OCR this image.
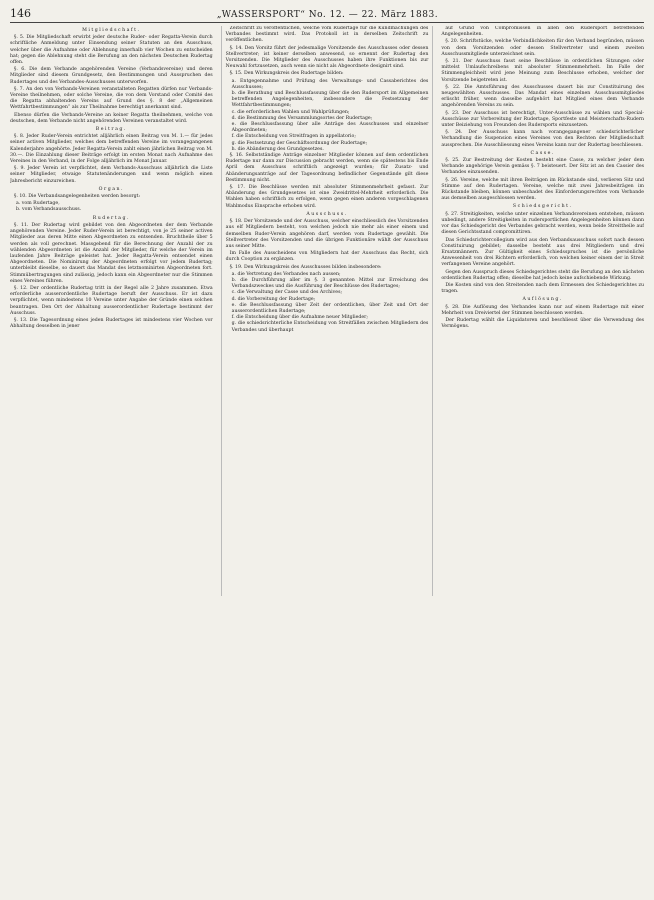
146	„WASSERSPORT“ No. 12. — 22. März 1883.

Mitgliedschaft.

§. 5. Die Mitgliedschaft erwirbt jeder deutsche Ruder- oder Regatta-Verein durch schriftliche Anmeldung unter Einsendung seiner Statuten an den Ausschuss, welcher über die Aufnahme oder Ablehnung innerhalb vier Wochen zu entscheiden hat; gegen die Ablehnung steht die Berufung an den nächsten Deutschen Rudertag offen.

§. 6. Die dem Verbande angehörenden Vereine (Verbandsvereine) und deren Mitglieder sind diesem Grundgesetz, den Bestimmungen und Ausspruchen des Rudertages und des Verbandes-Ausschusses unterworfen.

§. 7. An den von Verbands-Vereinen veranstalteten Regatten dürfen nur Verbands-Vereine theilnehmen, oder solche Vereine, die von dem Vorstand oder Comité des die Regatta abhaltenden Vereins auf Grund des §. 8 der „Allgemeinen Wettfahrtbestimmungen“ als zur Theilnahme berechtigt anerkannt sind.

Ebenso dürfen die Verbands-Vereine an keiner Regatta theilnehmen, welche von deutschen, dem Verbande nicht angehörenden Vereinen veranstaltet wird.

Beitrag.

§. 8. Jeder Ruder-Verein entrichtet alljährlich einen Beitrag von M. 1.— für jedes seiner activen Mitglieder, welches dem betreffenden Vereine im vorangegangenen Kalenderjahre angehörte. Jeder Regatta-Verein zahlt einen jährlichen Beitrag von M. 30.—. Die Einzahlung dieser Beiträge erfolgt im ersten Monat nach Aufnahme des Vereines in den Verband, in der Folge alljährlich im Monat Januar.

§. 9. Jeder Verein ist verpflichtet, dem Verbands-Ausschuss alljährlich die Liste seiner Mitglieder, etwaige Statutenänderungen und wenn möglich einen Jahresbericht einzureichen.

Organ.

§. 10. Die Verbandsangelegenheiten werden besorgt:

a. vom Rudertage,

b. vom Verbandsausschuss.

Rudertag.

§. 11. Der Rudertag wird gebildet von den Abgeordneten der dem Verbande angehörenden Vereine. Jeder Ruder-Verein ist berechtigt, von je 25 seiner activen Mitglieder aus deren Mitte einen Abgeordneten zu entsenden. Bruchtheile über 5 werden als voll gerechnet. Massgebend für die Berechnung der Anzahl der zu wählenden Abgeordneten ist die Anzahl der Mitglieder, für welche der Verein im laufenden Jahre Beiträge geleistet hat. Jeder Regatta-Verein entsendet einen Abgeordneten. Die Nominirung der Abgeordneten erfolgt vor jedem Rudertag; unterbleibt dieselbe, so dauert das Mandat des letztnominirten Abgeordneten fort. Stimmübertragungen sind zulässig, jedoch kann ein Abgeordneter nur die Stimmen eines Vereines führen.

§. 12. Der ordentliche Rudertag tritt in der Regel alle 2 Jahre zusammen. Etwa erforderliche ausserordentliche Rudertage beruft der Ausschuss. Er ist dazu verpflichtet, wenn mindestens 10 Vereine unter Angabe der Gründe einen solchen beantragen. Den Ort der Abhaltung ausserordentlicher Rudertage bestimmt der Ausschuss.

§. 13. Die Tagesordnung eines jeden Rudertages ist mindestens vier Wochen vor Abhaltung desselben in jener

Zeitschrift zu veröffentlichen, welche vom Rudertage für die Kundmachungen des Verbandes bestimmt wird. Das Protokoll ist in derselben Zeitschrift zu veröffentlichen.

§. 14. Den Vorsitz führt der jedesmalige Vorsitzende des Ausschusses oder dessen Stellvertreter; ist keiner derselben anwesend, so ernennt der Rudertag den Vorsitzenden. Die Mitglieder des Ausschusses haben ihre Funktionen bis zur Neuwahl fortzusetzen, auch wenn sie nicht als Abgeordnete designirt sind.

§. 15. Den Wirkungskreis des Rudertage bilden:

a. Entgegennahme und Prüfung des Verwaltungs- und Cassaberichtes des Ausschusses;

b. die Berathung und Beschlussfassung über die den Rudersport im Allgemeinen betreffenden Angelegenheiten, insbesondere die Festsetzung der Wettfahrtbestimmungen;

c. die erforderlichen Wahlen und Wahlprüfungen;

d. die Bestimmung des Versammlungsortes der Rudertage;

e. die Beschlussfassung über alle Anträge des Ausschusses und einzelner Abgeordneten;

f. die Entscheidung von Streitfragen in appellatorio;

g. die Festsetzung der Geschäftsordnung der Rudertage;

h. die Abänderung des Grundgesetzes.

§. 16. Selbstständige Anträge einzelner Mitglieder können auf dem ordentlichen Rudertage nur dann zur Discussion gebracht werden, wenn sie spätestens bis Ende April dem Ausschuss schriftlich angezeigt wurden; für Zusatz- und Abänderungsanträge auf der Tagesordnung befindlicher Gegenstände gilt diese Bestimmung nicht.

§. 17. Die Beschlüsse werden mit absoluter Stimmenmehrheit gefasst. Zur Abänderung des Grundgesetzes ist eine Zweidrittel-Mehrheit erforderlich. Die Wahlen haben schriftlich zu erfolgen, wenn gegen einen anderen vorgeschlagenen Wahlmodus Einsprache erhoben wird.

Ausschuss.

§. 18. Der Vorsitzende und der Ausschuss, welcher einschliesslich des Vorsitzenden aus elf Mitgliedern besteht, von welchen jedoch nie mehr als einer einem und demselben Ruder-Verein angehören darf, werden vom Rudertage gewählt. Die Stellvertreter des Vorsitzenden und die übrigen Funktionäre wählt der Ausschuss aus seiner Mitte.

Im Falle des Ausscheidens von Mitgliedern hat der Ausschuss das Recht, sich durch Cooption zu ergänzen.

§. 19. Den Wirkungskreis des Ausschusses bilden insbesondere:

a. die Vertretung des Verbandes nach aussen;

b. die Durchführung aller im §. 3 genannten Mittel zur Erreichung des Verbandszweckes und die Ausführung der Beschlüsse des Rudertages;

c. die Verwaltung der Casse und des Archives;

d. die Vorbereitung der Rudertage;

e. die Beschlussfassung über Zeit der ordentlichen, über Zeit und Ort der ausserordentlichen Rudertage;

f. die Entscheidung über die Aufnahme neuer Mitglieder;

g. die schiedsrichterliche Entscheidung von Streitfällen zwischen Mitgliedern des Verbandes und überhaupt

auf Grund von Compromissen in allen den Rudersport betreffenden Angelegenheiten.

§. 20. Schriftstücke, welche Verbindlichkeiten für den Verband begründen, müssen von dem Vorsitzenden oder dessen Stellvertreter und einem zweiten Ausschussmitgliede unterzeichnet sein.

§. 21. Der Ausschuss fasst seine Beschlüsse in ordentlichen Sitzungen oder mittelst Umlaufschreibens mit absoluter Stimmenmehrheit. Im Falle der Stimmengleichheit wird jene Meinung zum Beschlusse erhoben, welcher der Vorsitzende beigetreten ist.

§. 22. Die Amtsführung des Ausschusses dauert bis zur Constituirung des neugewählten Ausschusses. Das Mandat eines einzelnen Ausschussmitgliedes erlischt früher, wenn dasselbe aufgehört hat Mitglied eines dem Verbande angehörenden Vereins zu sein.

§. 23. Der Ausschuss ist berechtigt, Unter-Ausschüsse zu wählen und Special-Ausschüsse zur Vorbereitung der Rudertage, Sportfeste und Meisterschafts-Rudern unter Beiziehung von Freunden des Rudersports einzusetzen.

§. 24. Der Ausschuss kann nach vorangegangener schiedsrichterlicher Verhandlung die Suspension eines Vereines von den Rechten der Mitgliedschaft aussprechen. Die Ausschliessung eines Vereins kann nur der Rudertag beschliessen.

Casse.

§. 25. Zur Bestreitung der Kosten besteht eine Casse, zu welcher jeder dem Verbande angehörige Verein gemäss §. 7 beisteuert. Der Sitz ist an den Cassier des Verbandes einzusenden.

§. 26. Vereine, welche mit ihren Beiträgen im Rückstande sind, verlieren Sitz und Stimme auf den Rudertagen. Vereine, welche mit zwei Jahresbeiträgen im Rückstande bleiben, können unbeschadet des Einforderungsrechtes vom Verbande aus demselben ausgeschlossen werden.

Schiedsgericht.

§. 27. Streitigkeiten, welche unter einzelnen Verbandsvereinen entstehen, müssen unbedingt, andere Streitigkeiten in rudersportlichen Angelegenheiten können dann vor das Schiedsgericht des Verbandes gebracht werden, wenn beide Streittheile auf diesen Gerichtsstand compromittiren.

Das Schiedsrichtercollegium wird aus den Verbandsausschuss sofort nach dessen Constituirung gebildet; dasselbe besteht aus drei Mitgliedern und drei Ersatzmännern. Zur Gültigkeit eines Schiedsspruches ist die persönliche Anwesenheit von drei Richtern erforderlich, von welchen keiner einem der in Streit verfangenen Vereine angehört.

Gegen den Ausspruch dieses Schiedsgerichtes steht die Berufung an den nächsten ordentlichen Rudertag offen; dieselbe hat jedoch keine aufschiebende Wirkung.

Die Kosten sind von den Streitenden nach dem Ermessen des Schiedsgerichtes zu tragen.

Auflösung.

§. 28. Die Auflösung des Verbandes kann nur auf einem Rudertage mit einer Mehrheit von Dreiviertel der Stimmen beschlossen werden.

Der Rudertag wählt die Liquidatoren und beschliesst über die Verwendung des Vermögens.
